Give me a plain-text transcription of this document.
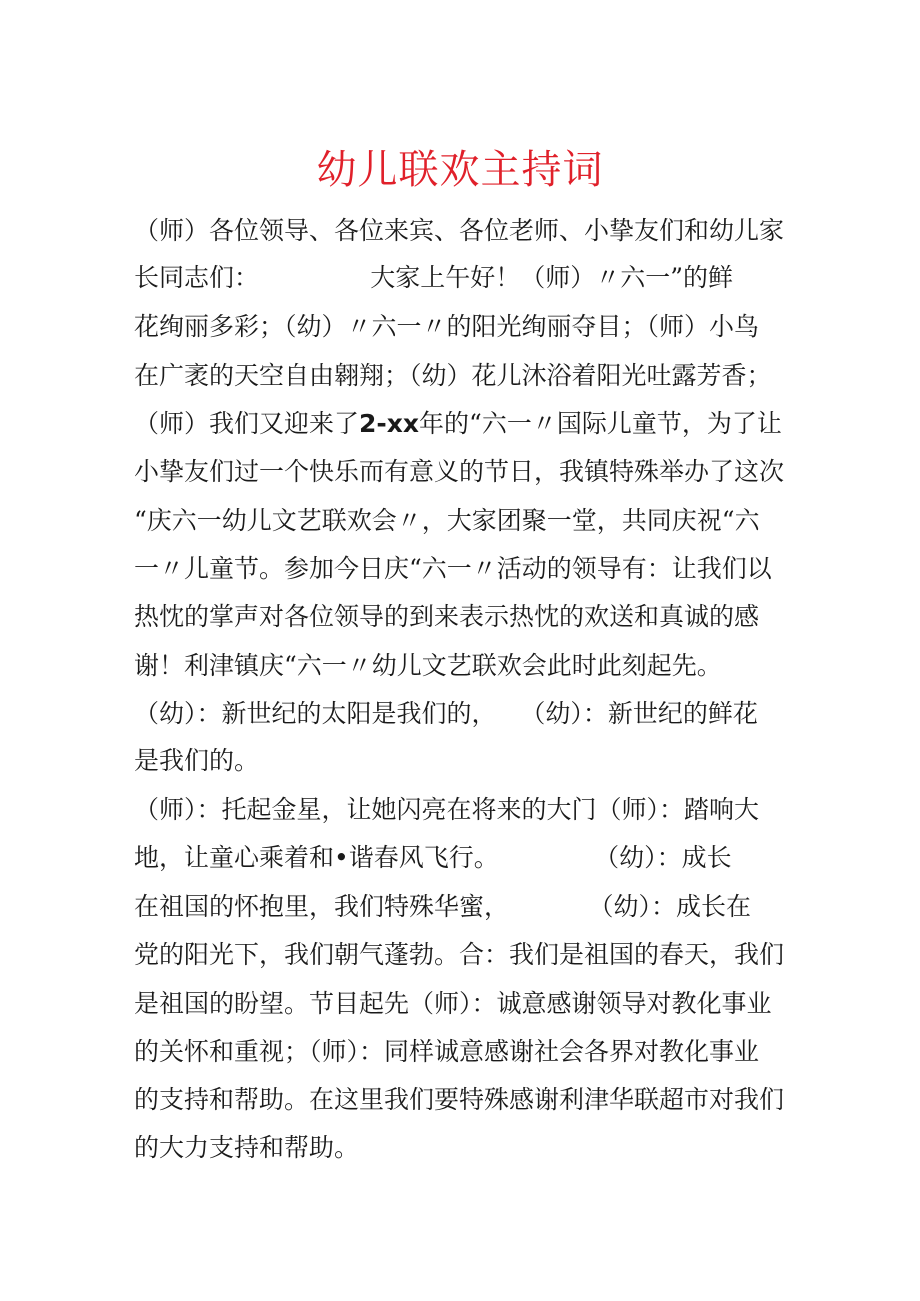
幼儿联欢主持词

（师）各位领导、各位来宾、各位老师、小挚友们和幼儿家

长同志们：              大家上午好！（师）〃六一”的鲜

花绚丽多彩；（幼）〃六一〃的阳光绚丽夺目；（师）小鸟

在广袤的天空自由翱翔；（幼）花儿沐浴着阳光吐露芳香；

（师）我们又迎来了2-xx年的“六一〃国际儿童节，为了让

小挚友们过一个快乐而有意义的节日，我镇特殊举办了这次

“庆六一幼儿文艺联欢会〃，大家团聚一堂，共同庆祝“六

一〃儿童节。参加今日庆“六一〃活动的领导有：让我们以

热忱的掌声对各位领导的到来表示热忱的欢送和真诚的感

谢！利津镇庆“六一〃幼儿文艺联欢会此时此刻起先。

（幼）：新世纪的太阳是我们的，   （幼）：新世纪的鲜花

是我们的。

（师）：托起金星，让她闪亮在将来的大门（师）：踏响大

地，让童心乘着和•谐春风飞行。            （幼）：成长

在祖国的怀抱里，我们特殊华蜜，          （幼）：成长在

党的阳光下，我们朝气蓬勃。合：我们是祖国的春天，我们

是祖国的盼望。节目起先（师）：诚意感谢领导对教化事业

的关怀和重视；（师）：同样诚意感谢社会各界对教化事业

的支持和帮助。在这里我们要特殊感谢利津华联超市对我们

的大力支持和帮助。
